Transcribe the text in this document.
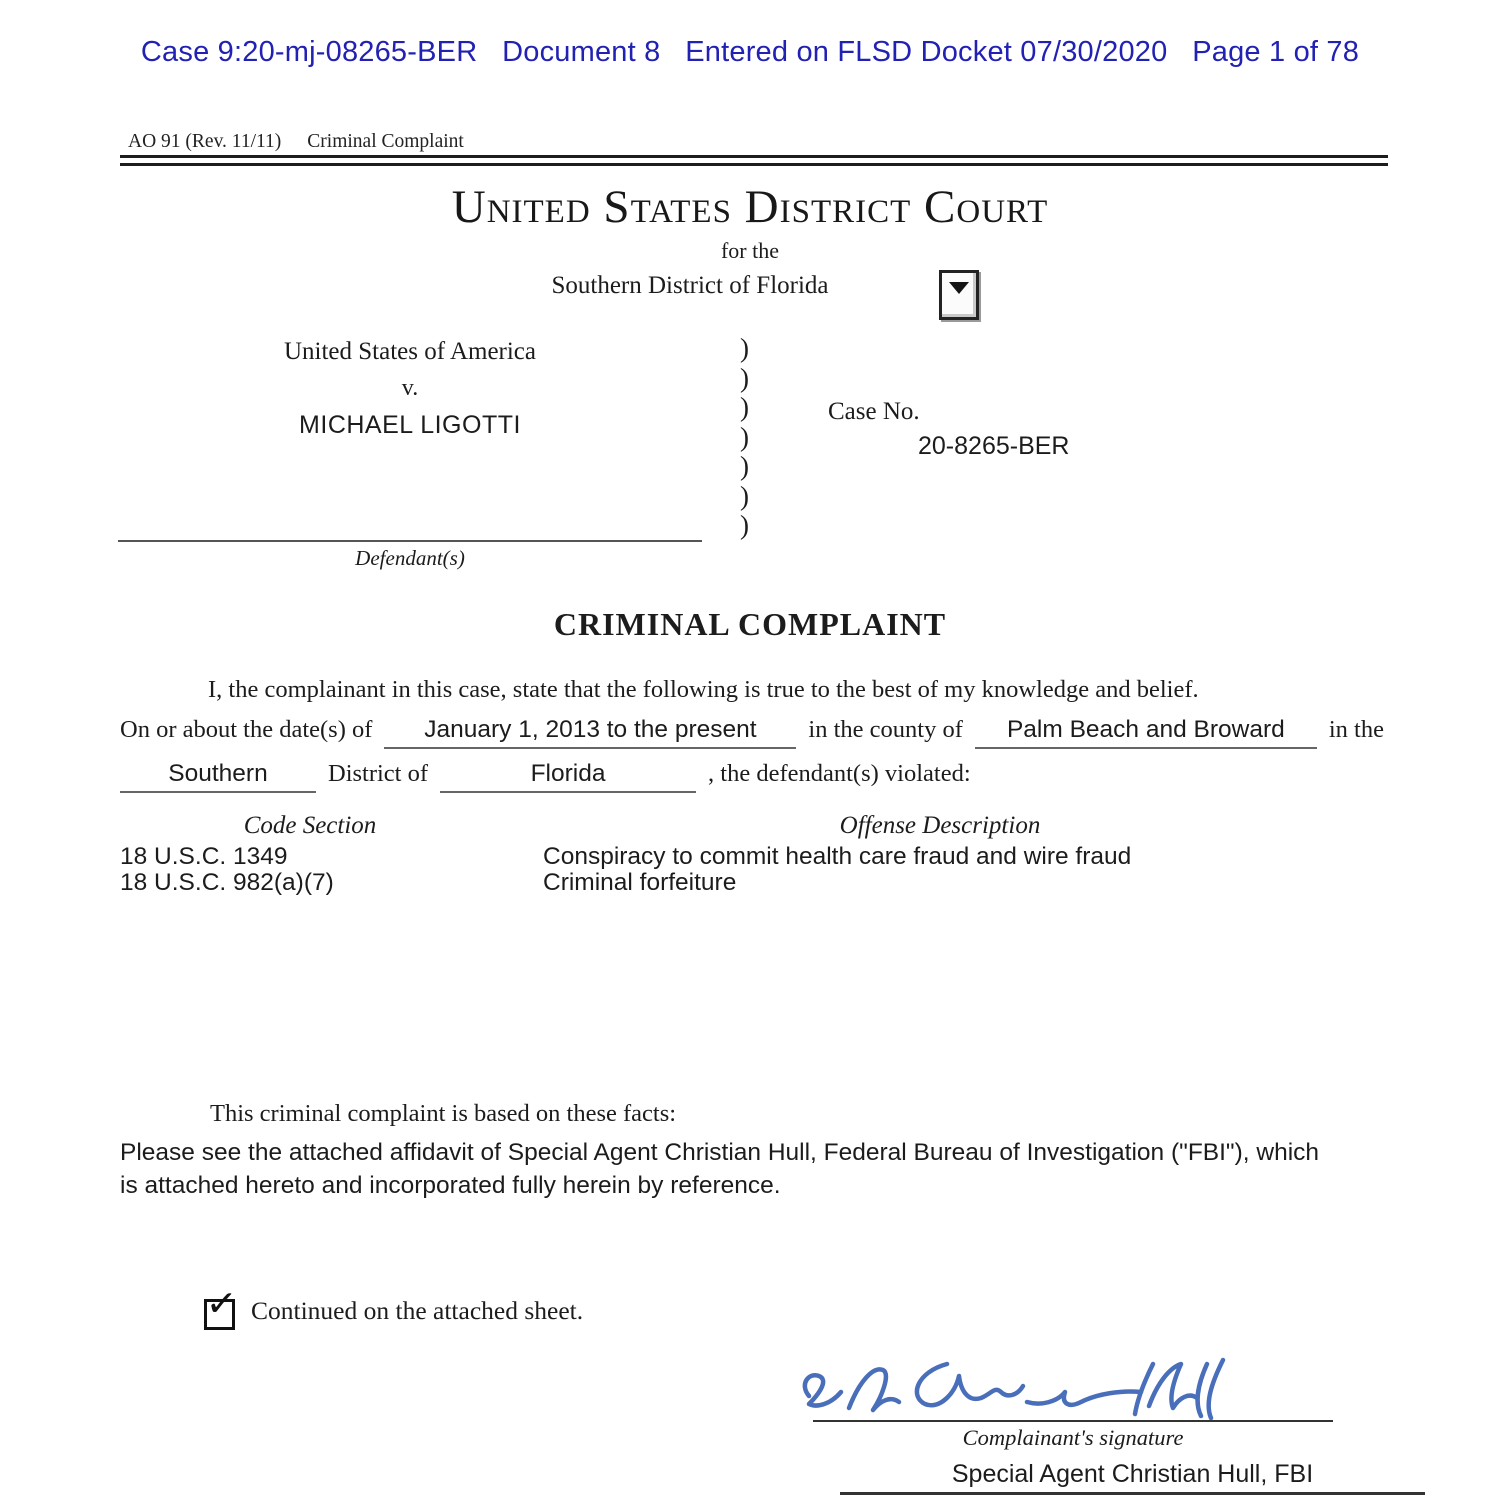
Case 9:20-mj-08265-BER   Document 8   Entered on FLSD Docket 07/30/2020   Page 1 of 78
AO 91 (Rev. 11/11) Criminal Complaint
United States District Court
for the
Southern District of Florida
United States of America
v.
MICHAEL LIGOTTI
)
)
)
)
)
)
)
Defendant(s)
Case No.
20-8265-BER
CRIMINAL COMPLAINT
I, the complainant in this case, state that the following is true to the best of my knowledge and belief.
On or about the date(s) of	January 1, 2013 to the present	in the county of	Palm Beach and Broward	in the
Southern	District of	Florida	, the defendant(s) violated:
Code Section	Offense Description
18 U.S.C. 1349	Conspiracy to commit health care fraud and wire fraud
18 U.S.C. 982(a)(7)	Criminal forfeiture
This criminal complaint is based on these facts:
Please see the attached affidavit of Special Agent Christian Hull, Federal Bureau of Investigation ("FBI"), which is attached hereto and incorporated fully herein by reference.
✓ Continued on the attached sheet.
Complainant's signature
Special Agent Christian Hull, FBI
